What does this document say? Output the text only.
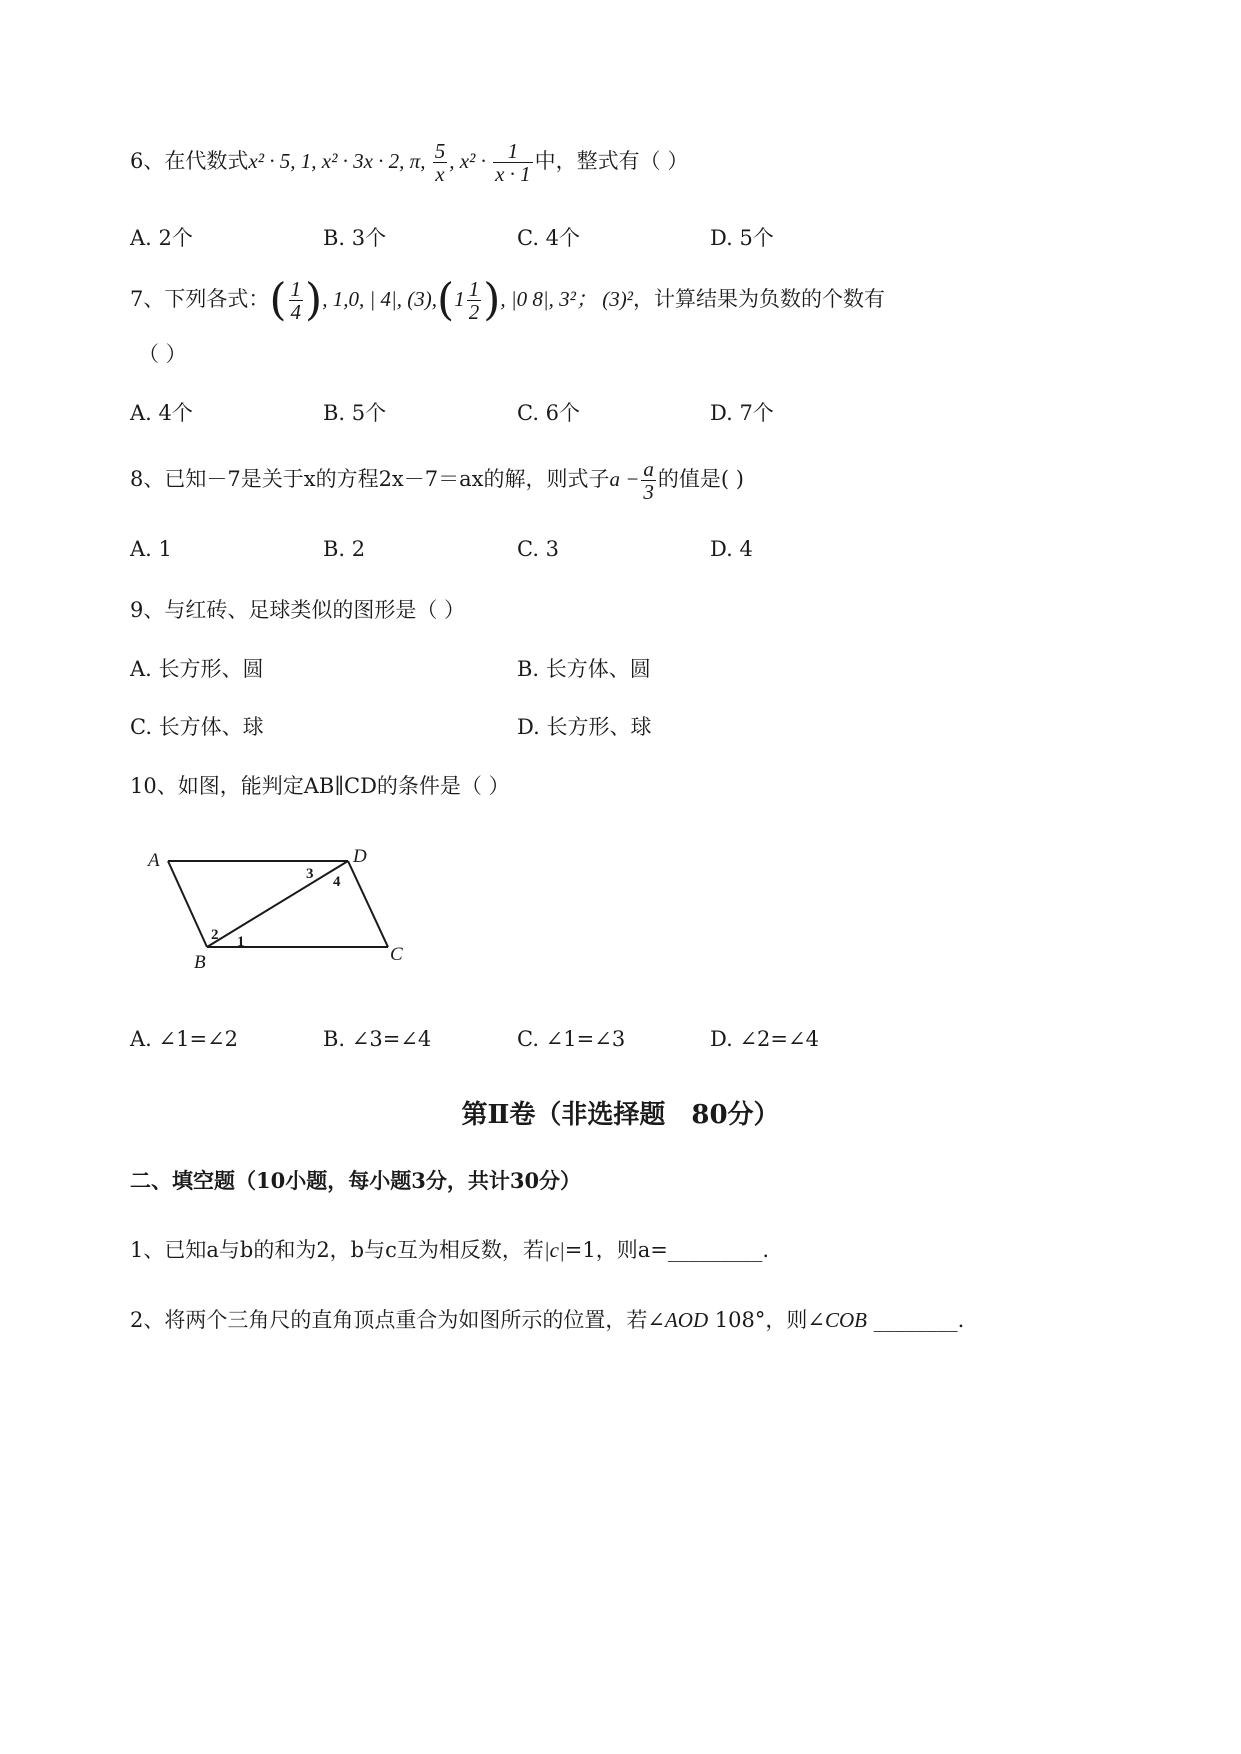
6、在代数式x² · 5, 1, x² · 3x · 2, π, $\frac{5}{x}$ , $x^2 \cdot \frac{1}{x \cdot 1}$ 中，整式有（ ）
A. 2个	B. 3个	C. 4个	D. 5个
7、下列各式：( $\frac{1}{4}$ ), 1,0, | 4|, $(3),(1 \frac{1}{2}$ ), |0 8|, 3²； (3)²，计算结果为负数的个数有
（ ）
A. 4个	B. 5个	C. 6个	D. 7个
8、已知－7是关于x的方程2x－7＝ax的解，则式子$a - \frac{a}{3}$ 的值是( )
A. 1	B. 2	C. 3	D. 4
9、与红砖、足球类似的图形是（ ）
A. 长方形、圆	B. 长方体、圆
C. 长方体、球	D. 长方形、球
10、如图，能判定AB∥CD的条件是（ ）
A
B	C
D
1
2
3 4
A. ∠1=∠2	B. ∠3=∠4	C. ∠1=∠3	D. ∠2=∠4
第Ⅱ卷（非选择题　80分）
二、填空题（10小题，每小题3分，共计30分）
1、已知a与b的和为2，b与c互为相反数，若|c|=1，则a=_________.
2、将两个三角尺的直角顶点重合为如图所示的位置，若∠AOD 108°，则∠COB ________.
